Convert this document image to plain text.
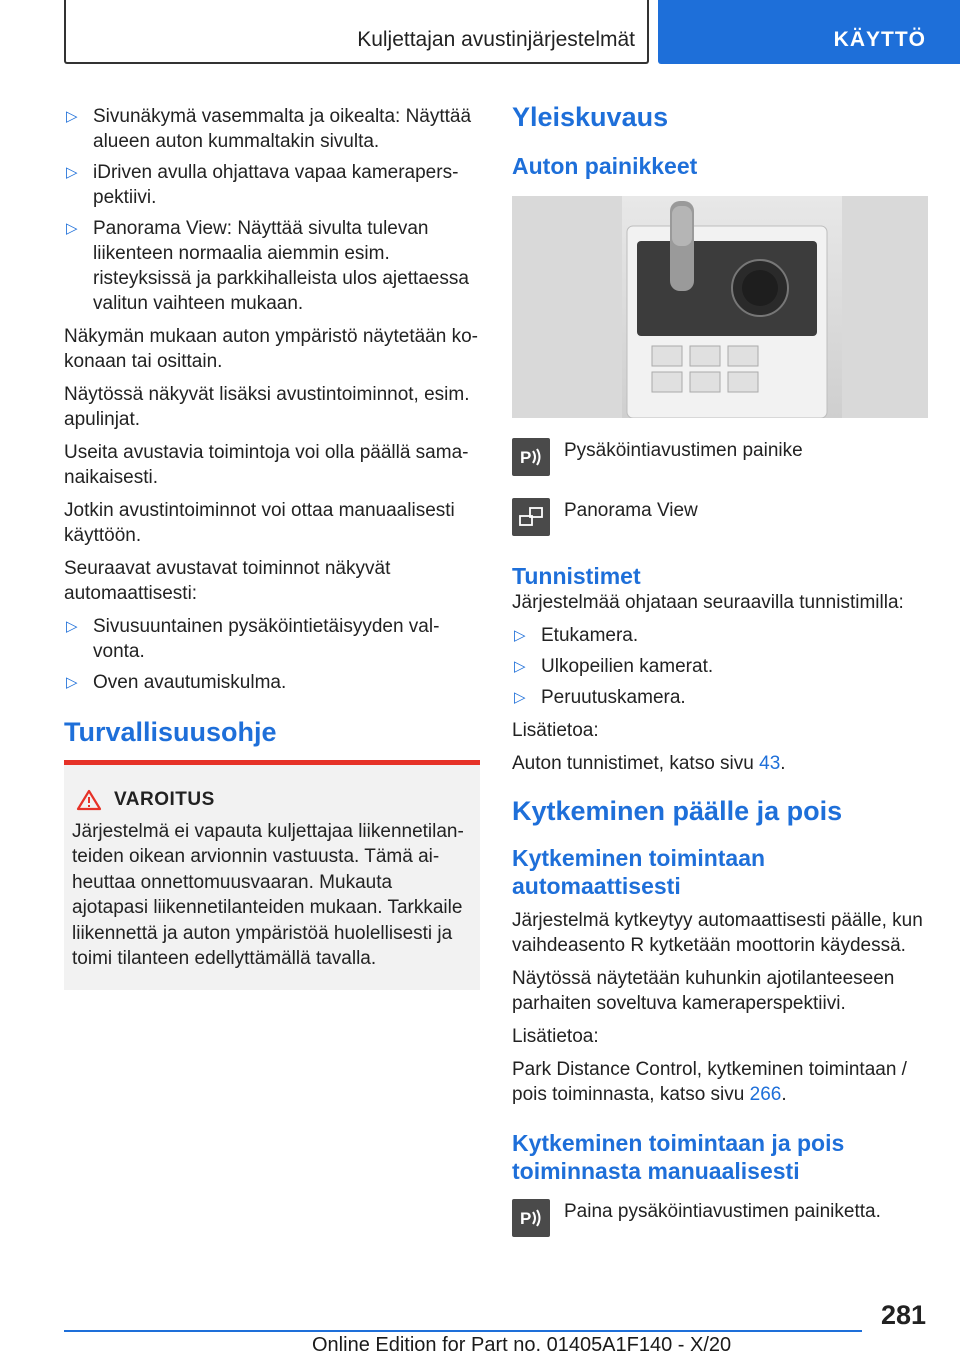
Kuljettajan avustinjärjestelmät	KÄYTTÖ
▷ Sivunäkymä vasemmalta ja oikealta: Näyttää alueen auton kummaltakin sivulta.
▷ iDriven avulla ohjattava vapaa kameraperspektiivi.
▷ Panorama View: Näyttää sivulta tulevan liikenteen normaalia aiemmin esim. risteyksissä ja parkkihalleista ulos ajettaessa valitun vaihteen mukaan.

Näkymän mukaan auton ympäristö näytetään kokonaan tai osittain.

Näytössä näkyvät lisäksi avustintoiminnot, esim. apulinjat.

Useita avustavia toimintoja voi olla päällä samanaikaisesti.

Jotkin avustintoiminnot voi ottaa manuaalisesti käyttöön.

Seuraavat avustavat toiminnot näkyvät automaattisesti:

▷ Sivusuuntainen pysäköintietäisyyden valvonta.
▷ Oven avautumiskulma.
Turvallisuusohje
VAROITUS
Järjestelmä ei vapauta kuljettajaa liikennetilanteiden oikean arvionnin vastuusta. Tämä aiheuttaa onnettomuusvaaran. Mukauta ajotapasi liikennetilanteiden mukaan. Tarkkaile liikennettä ja auton ympäristöä huolellisesti ja toimi tilanteen edellyttämällä tavalla.
Yleiskuvaus
Auton painikkeet
P Pysäköintiavustimen painike
Panorama View
Tunnistimet

Järjestelmää ohjataan seuraavilla tunnistimilla:

▷ Etukamera.
▷ Ulkopeilien kamerat.
▷ Peruutuskamera.

Lisätietoa:

Auton tunnistimet, katso sivu 43.

Kytkeminen päälle ja pois
Kytkeminen toimintaan
automaattisesti

Järjestelmä kytkeytyy automaattisesti päälle, kun vaihdeasento R kytketään moottorin käydessä.

Näytössä näytetään kuhunkin ajotilanteeseen parhaiten soveltuva kameraperspektiivi.

Lisätietoa:

Park Distance Control, kytkeminen toimintaan / pois toiminnasta, katso sivu 266.

Kytkeminen toimintaan ja pois
toiminnasta manuaalisesti
P Paina pysäköintiavustimen painiketta.
281
Online Edition for Part no. 01405A1F140 - X/20
